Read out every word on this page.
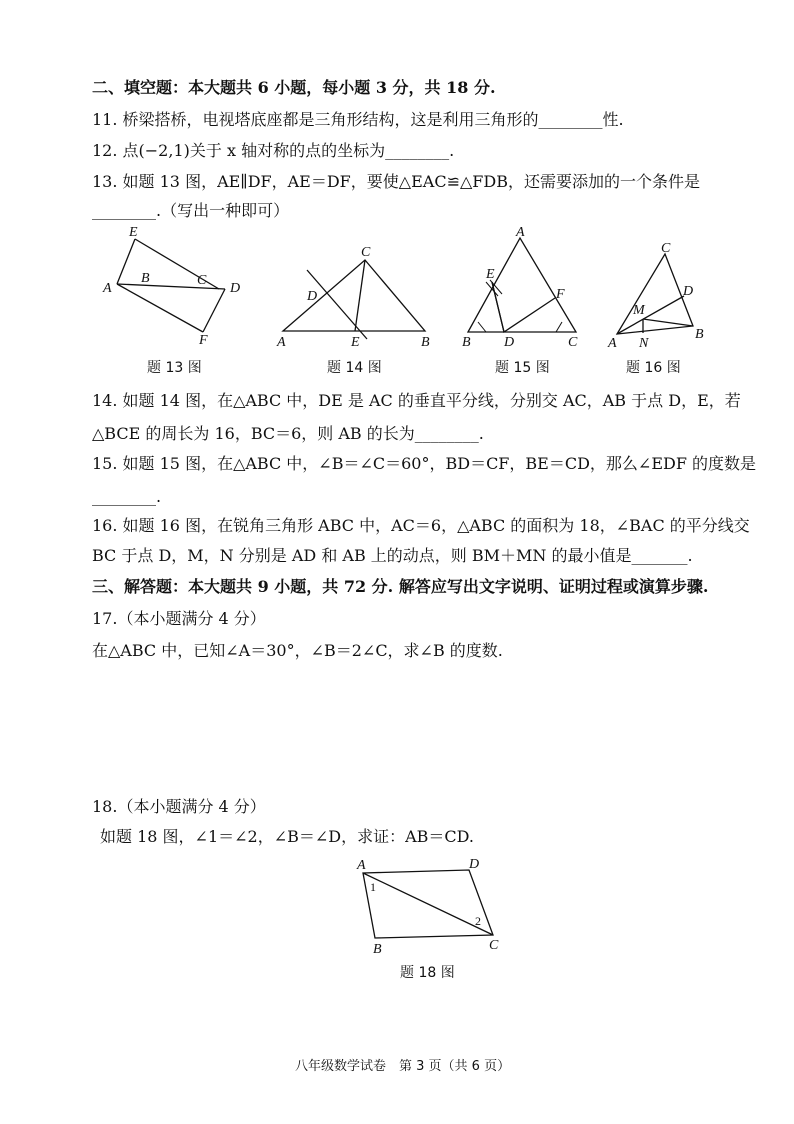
二、填空题：本大题共 6 小题，每小题 3 分，共 18 分.
11. 桥梁搭桥，电视塔底座都是三角形结构，这是利用三角形的________性.
12. 点(−2,1)关于 x 轴对称的点的坐标为________.
13. 如题 13 图，AE∥DF，AE＝DF，要使△EAC≌△FDB，还需要添加的一个条件是
________.（写出一种即可）
E
A
B	C
D
F
题 13 图
C
D
A	E	B
题 14 图
A
E
F
B D	C
题 15 图
C
D
M
A N
B
题 16 图
14. 如题 14 图，在△ABC 中，DE 是 AC 的垂直平分线，分别交 AC，AB 于点 D，E，若
△BCE 的周长为 16，BC＝6，则 AB 的长为________.
15. 如题 15 图，在△ABC 中，∠B＝∠C＝60°，BD＝CF，BE＝CD，那么∠EDF 的度数是
________.
16. 如题 16 图，在锐角三角形 ABC 中，AC＝6，△ABC 的面积为 18，∠BAC 的平分线交
BC 于点 D，M，N 分别是 AD 和 AB 上的动点，则 BM＋MN 的最小值是_______.
三、解答题：本大题共 9 小题，共 72 分. 解答应写出文字说明、证明过程或演算步骤.
17.（本小题满分 4 分）
在△ABC 中，已知∠A＝30°，∠B＝2∠C，求∠B 的度数.
18.（本小题满分 4 分）
如题 18 图，∠1＝∠2，∠B＝∠D，求证：AB＝CD.
A	D
1
2
B	C
题 18 图
八年级数学试卷　第 3 页（共 6 页）
